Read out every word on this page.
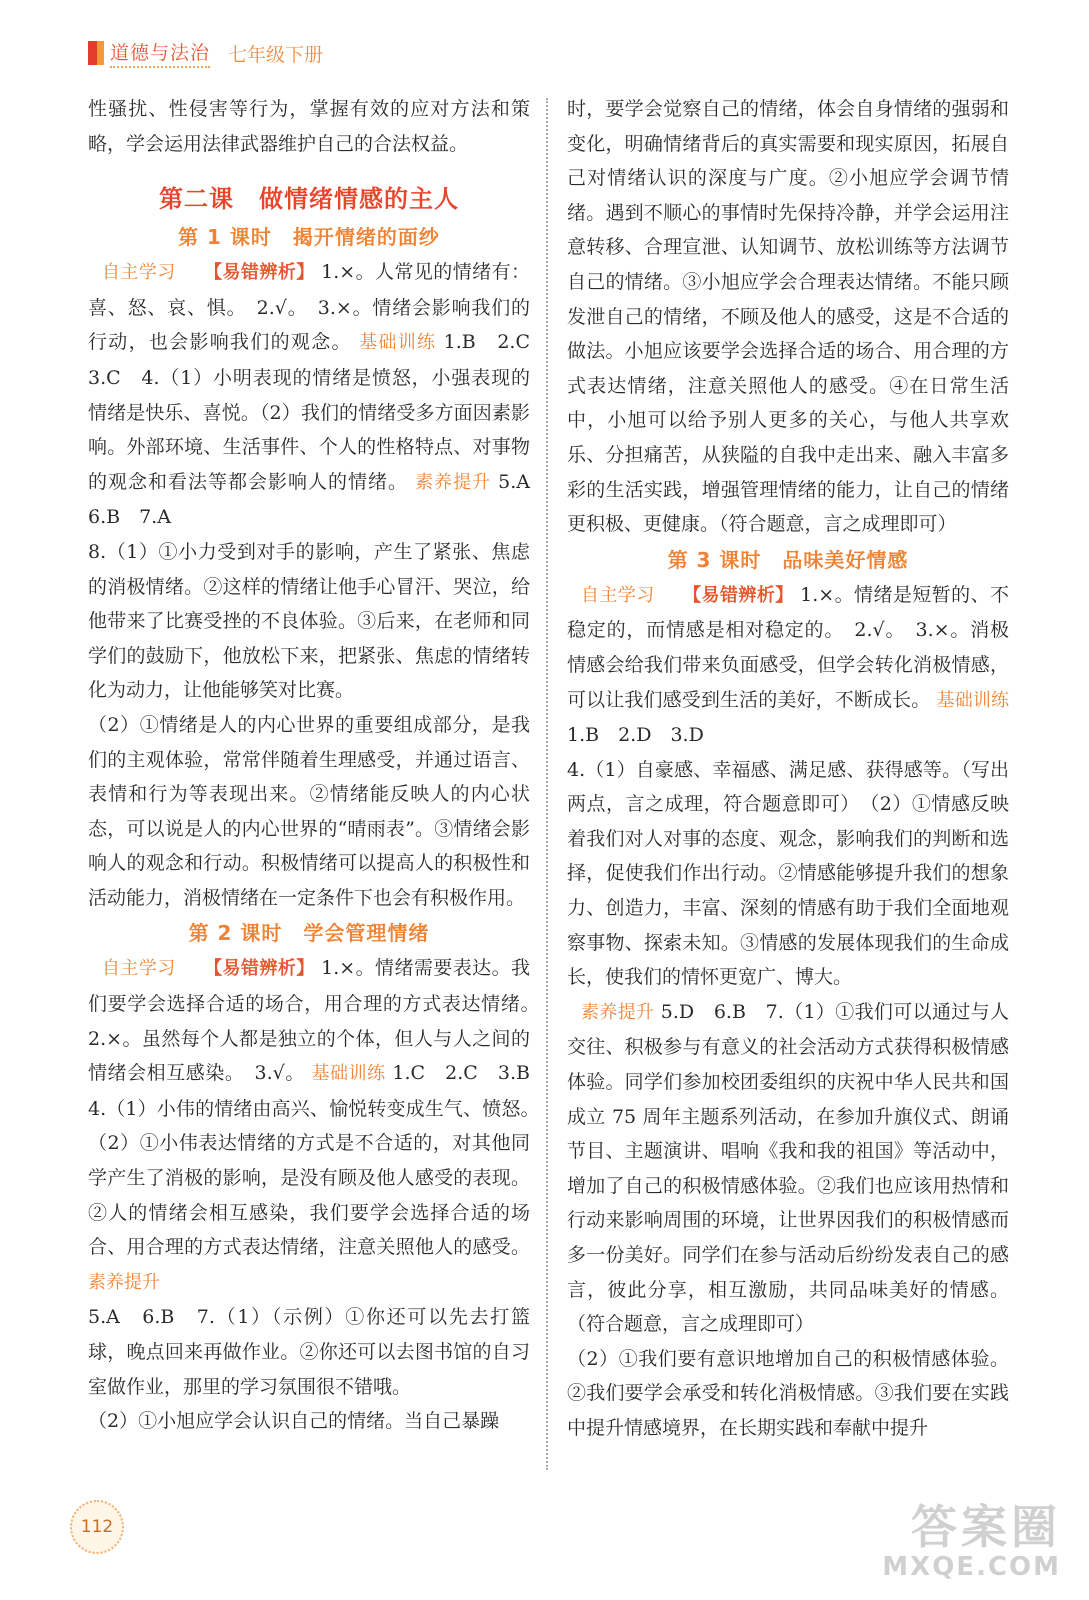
道德与法治 七年级下册

性骚扰、性侵害等行为，掌握有效的应对方法和策略，学会运用法律武器维护自己的合法权益。

第二课　做情绪情感的主人
第 1 课时　揭开情绪的面纱

自主学习 【易错辨析】 1.×。人常见的情绪有：喜、怒、哀、惧。　2.√。　3.×。情绪会影响我们的行动，也会影响我们的观念。 基础训练 1.B　2.C　3.C　4.（1）小明表现的情绪是愤怒，小强表现的情绪是快乐、喜悦。（2）我们的情绪受多方面因素影响。外部环境、生活事件、个人的性格特点、对事物的观念和看法等都会影响人的情绪。 素养提升 5.A　6.B　7.A

8.（1）①小力受到对手的影响，产生了紧张、焦虑的消极情绪。②这样的情绪让他手心冒汗、哭泣，给他带来了比赛受挫的不良体验。③后来，在老师和同学们的鼓励下，他放松下来，把紧张、焦虑的情绪转化为动力，让他能够笑对比赛。

（2）①情绪是人的内心世界的重要组成部分，是我们的主观体验，常常伴随着生理感受，并通过语言、表情和行为等表现出来。②情绪能反映人的内心状态，可以说是人的内心世界的“晴雨表”。③情绪会影响人的观念和行动。积极情绪可以提高人的积极性和活动能力，消极情绪在一定条件下也会有积极作用。

第 2 课时　学会管理情绪

自主学习 【易错辨析】 1.×。情绪需要表达。我们要学会选择合适的场合，用合理的方式表达情绪。　2.×。虽然每个人都是独立的个体，但人与人之间的情绪会相互感染。　3.√。 基础训练 1.C　2.C　3.B　4.（1）小伟的情绪由高兴、愉悦转变成生气、愤怒。　（2）①小伟表达情绪的方式是不合适的，对其他同学产生了消极的影响，是没有顾及他人感受的表现。②人的情绪会相互感染，我们要学会选择合适的场合、用合理的方式表达情绪，注意关照他人的感受。 素养提升

5.A　6.B　7.（1）（示例）①你还可以先去打篮球，晚点回来再做作业。②你还可以去图书馆的自习室做作业，那里的学习氛围很不错哦。

（2）①小旭应学会认识自己的情绪。当自己暴躁

时，要学会觉察自己的情绪，体会自身情绪的强弱和变化，明确情绪背后的真实需要和现实原因，拓展自己对情绪认识的深度与广度。②小旭应学会调节情绪。遇到不顺心的事情时先保持冷静，并学会运用注意转移、合理宣泄、认知调节、放松训练等方法调节自己的情绪。③小旭应学会合理表达情绪。不能只顾发泄自己的情绪，不顾及他人的感受，这是不合适的做法。小旭应该要学会选择合适的场合、用合理的方式表达情绪，注意关照他人的感受。④在日常生活中，小旭可以给予别人更多的关心，与他人共享欢乐、分担痛苦，从狭隘的自我中走出来、融入丰富多彩的生活实践，增强管理情绪的能力，让自己的情绪更积极、更健康。（符合题意，言之成理即可）

第 3 课时　品味美好情感

自主学习 【易错辨析】 1.×。情绪是短暂的、不稳定的，而情感是相对稳定的。　2.√。　3.×。消极情感会给我们带来负面感受，但学会转化消极情感，可以让我们感受到生活的美好，不断成长。 基础训练 1.B　2.D　3.D

4.（1）自豪感、幸福感、满足感、获得感等。（写出两点，言之成理，符合题意即可）　（2）①情感反映着我们对人对事的态度、观念，影响我们的判断和选择，促使我们作出行动。②情感能够提升我们的想象力、创造力，丰富、深刻的情感有助于我们全面地观察事物、探索未知。③情感的发展体现我们的生命成长，使我们的情怀更宽广、博大。

素养提升 5.D　6.B　7.（1）①我们可以通过与人交往、积极参与有意义的社会活动方式获得积极情感体验。同学们参加校团委组织的庆祝中华人民共和国成立 75 周年主题系列活动，在参加升旗仪式、朗诵节目、主题演讲、唱响《我和我的祖国》等活动中，增加了自己的积极情感体验。②我们也应该用热情和行动来影响周围的环境，让世界因我们的积极情感而多一份美好。同学们在参与活动后纷纷发表自己的感言，彼此分享，相互激励，共同品味美好的情感。（符合题意，言之成理即可）

（2）①我们要有意识地增加自己的积极情感体验。②我们要学会承受和转化消极情感。③我们要在实践中提升情感境界，在长期实践和奉献中提升

112	答案圈
MXQE.COM
